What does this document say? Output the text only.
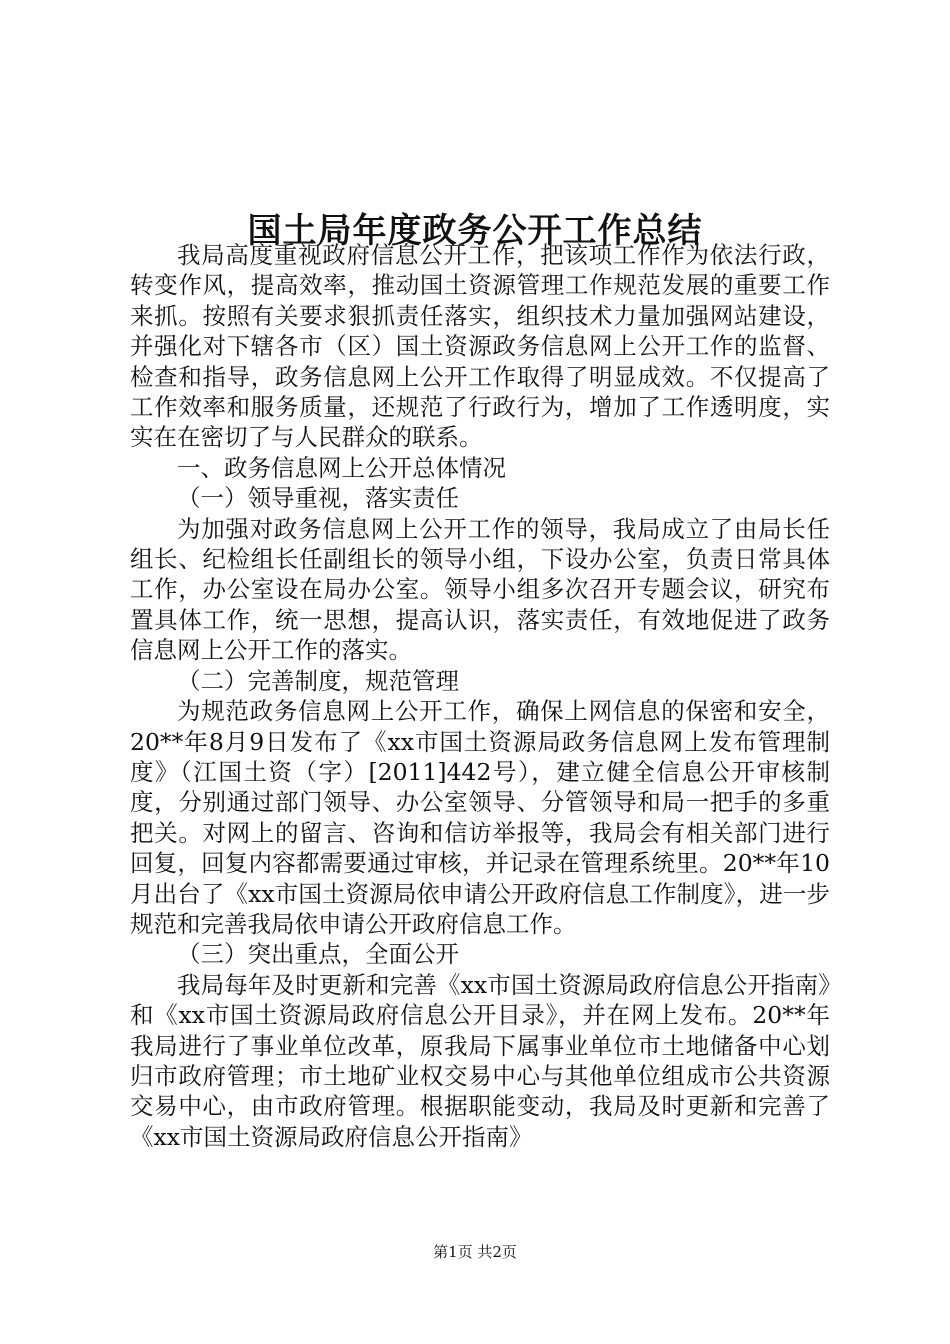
国土局年度政务公开工作总结

我局高度重视政府信息公开工作，把该项工作作为依法行政，转变作风，提高效率，推动国土资源管理工作规范发展的重要工作来抓。按照有关要求狠抓责任落实，组织技术力量加强网站建设，并强化对下辖各市（区）国土资源政务信息网上公开工作的监督、检查和指导，政务信息网上公开工作取得了明显成效。不仅提高了工作效率和服务质量，还规范了行政行为，增加了工作透明度，实实在在密切了与人民群众的联系。

一、政务信息网上公开总体情况

（一）领导重视，落实责任

为加强对政务信息网上公开工作的领导，我局成立了由局长任组长、纪检组长任副组长的领导小组，下设办公室，负责日常具体工作，办公室设在局办公室。领导小组多次召开专题会议，研究布置具体工作，统一思想，提高认识，落实责任，有效地促进了政务信息网上公开工作的落实。

（二）完善制度，规范管理

为规范政务信息网上公开工作，确保上网信息的保密和安全，20**年8月9日发布了《xx市国土资源局政务信息网上发布管理制度》（江国土资（字）[2011]442号），建立健全信息公开审核制度，分别通过部门领导、办公室领导、分管领导和局一把手的多重把关。对网上的留言、咨询和信访举报等，我局会有相关部门进行回复，回复内容都需要通过审核，并记录在管理系统里。20**年10月出台了《xx市国土资源局依申请公开政府信息工作制度》，进一步规范和完善我局依申请公开政府信息工作。

（三）突出重点，全面公开

我局每年及时更新和完善《xx市国土资源局政府信息公开指南》和《xx市国土资源局政府信息公开目录》，并在网上发布。20**年我局进行了事业单位改革，原我局下属事业单位市土地储备中心划归市政府管理；市土地矿业权交易中心与其他单位组成市公共资源交易中心，由市政府管理。根据职能变动，我局及时更新和完善了《xx市国土资源局政府信息公开指南》

第1页 共2页
